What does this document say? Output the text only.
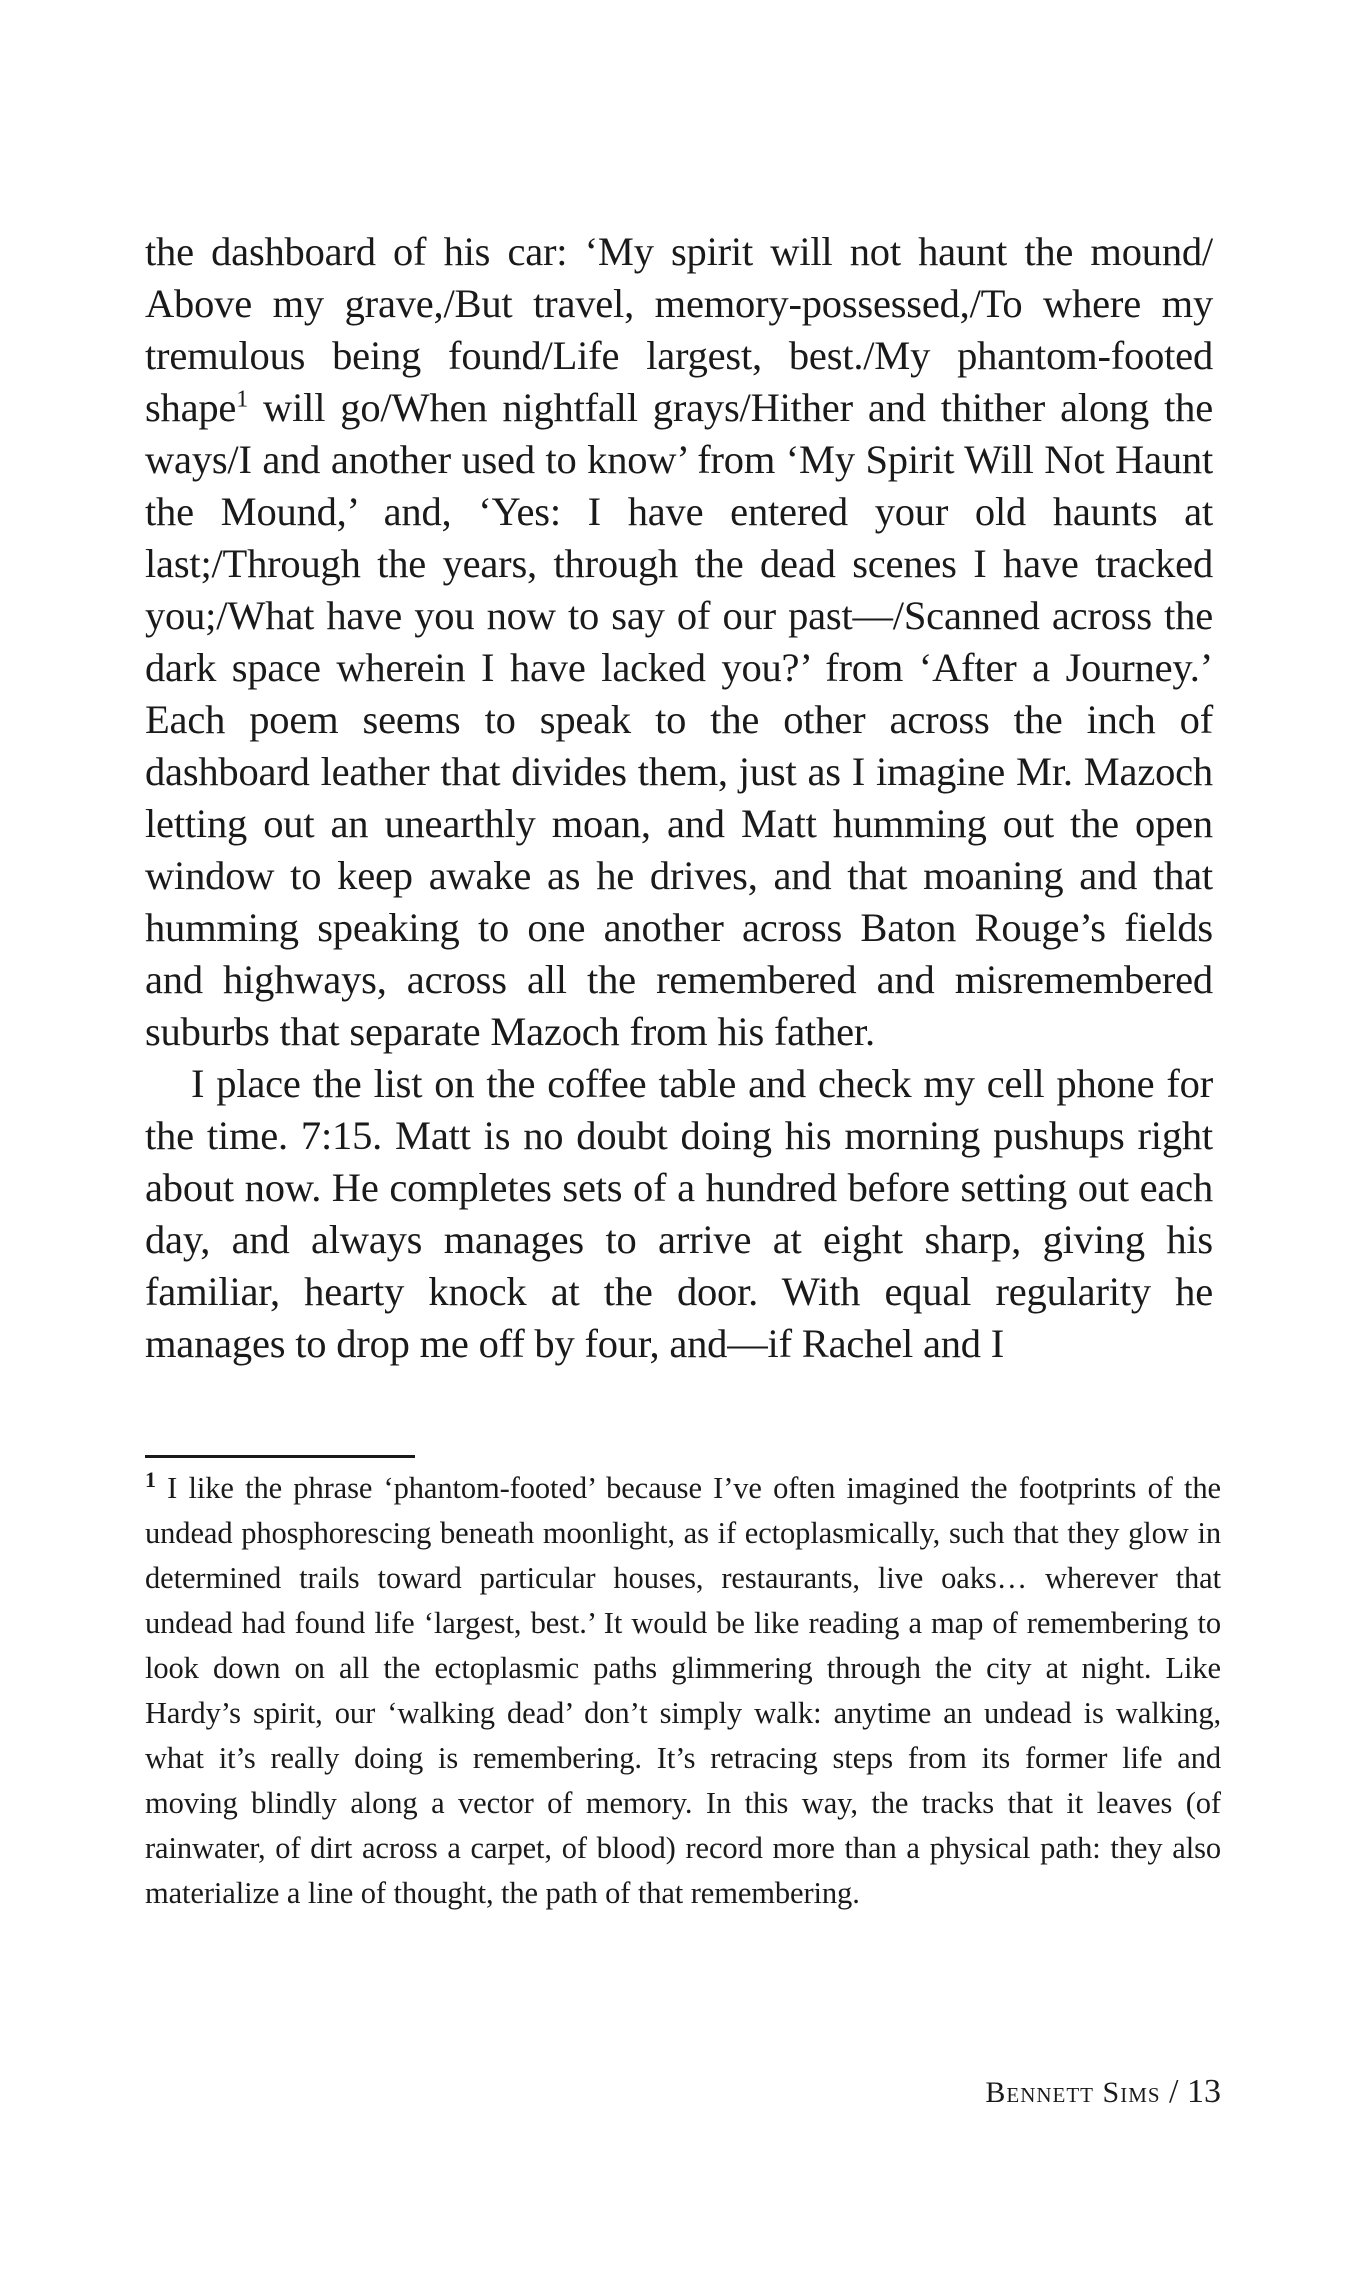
the dashboard of his car: ‘My spirit will not haunt the mound/ Above my grave,/But travel, memory-possessed,/To where my tremulous being found/Life largest, best./My phantom-footed shape$^1$ will go/When nightfall grays/Hither and thither along the ways/I and another used to know’ from ‘My Spirit Will Not Haunt the Mound,’ and, ‘Yes: I have entered your old haunts at last;/Through the years, through the dead scenes I have tracked you;/What have you now to say of our past—/Scanned across the dark space wherein I have lacked you?’ from ‘After a Journey.’ Each poem seems to speak to the other across the inch of dashboard leather that divides them, just as I imagine Mr. Mazoch letting out an unearthly moan, and Matt humming out the open window to keep awake as he drives, and that moaning and that humming speaking to one another across Baton Rouge’s fields and highways, across all the remembered and misremembered suburbs that separate Mazoch from his father.

I place the list on the coffee table and check my cell phone for the time. 7:15. Matt is no doubt doing his morning pushups right about now. He completes sets of a hundred before setting out each day, and always manages to arrive at eight sharp, giving his familiar, hearty knock at the door. With equal regularity he manages to drop me off by four, and—if Rachel and I

$^1$ I like the phrase ‘phantom-footed’ because I’ve often imagined the footprints of the undead phosphorescing beneath moonlight, as if ectoplasmically, such that they glow in determined trails toward particular houses, restaurants, live oaks… wherever that undead had found life ‘largest, best.’ It would be like reading a map of remembering to look down on all the ectoplasmic paths glimmering through the city at night. Like Hardy’s spirit, our ‘walking dead’ don’t simply walk: anytime an undead is walking, what it’s really doing is remembering. It’s retracing steps from its former life and moving blindly along a vector of memory. In this way, the tracks that it leaves (of rainwater, of dirt across a carpet, of blood) record more than a physical path: they also materialize a line of thought, the path of that remembering.

Bennett Sims / 13
